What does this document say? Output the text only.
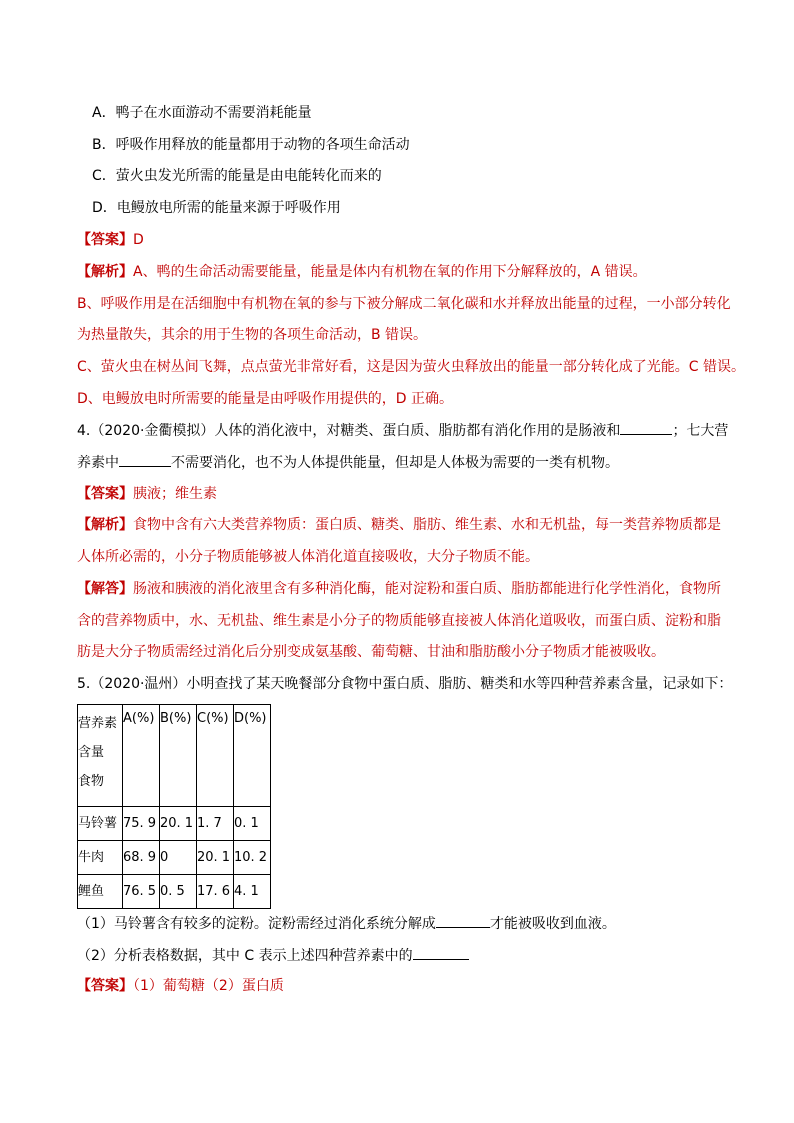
A．鸭子在水面游动不需要消耗能量
B．呼吸作用释放的能量都用于动物的各项生命活动
C．萤火虫发光所需的能量是由电能转化而来的
D．电鳗放电所需的能量来源于呼吸作用
【答案】D
【解析】A、鸭的生命活动需要能量，能量是体内有机物在氧的作用下分解释放的，A 错误。
B、呼吸作用是在活细胞中有机物在氧的参与下被分解成二氧化碳和水并释放出能量的过程，一小部分转化
为热量散失，其余的用于生物的各项生命活动，B 错误。
C、萤火虫在树丛间飞舞，点点萤光非常好看，这是因为萤火虫释放出的能量一部分转化成了光能。C 错误。
D、电鳗放电时所需要的能量是由呼吸作用提供的，D 正确。
4.（2020·金衢模拟）人体的消化液中，对糖类、蛋白质、脂肪都有消化作用的是肠液和	；七大营
养素中	不需要消化，也不为人体提供能量，但却是人体极为需要的一类有机物。
【答案】胰液；维生素
【解析】食物中含有六大类营养物质：蛋白质、糖类、脂肪、维生素、水和无机盐，每一类营养物质都是
人体所必需的，小分子物质能够被人体消化道直接吸收，大分子物质不能。
【解答】肠液和胰液的消化液里含有多种消化酶，能对淀粉和蛋白质、脂肪都能进行化学性消化，食物所
含的营养物质中，水、无机盐、维生素是小分子的物质能够直接被人体消化道吸收，而蛋白质、淀粉和脂
肪是大分子物质需经过消化后分别变成氨基酸、葡萄糖、甘油和脂肪酸小分子物质才能被吸收。
5.（2020·温州）小明查找了某天晚餐部分食物中蛋白质、脂肪、糖类和水等四种营养素含量，记录如下：
营养素
含量
食物	A(%)	B(%)	C(%)	D(%)

马铃薯	75. 9	20. 1	1. 7	0. 1

牛肉	68. 9	0	20. 1	10. 2

鲤鱼	76. 5	0. 5	17. 6	4. 1
（1）马铃薯含有较多的淀粉。淀粉需经过消化系统分解成	才能被吸收到血液。
（2）分析表格数据，其中 C 表示上述四种营养素中的
【答案】（1）葡萄糖（2）蛋白质
